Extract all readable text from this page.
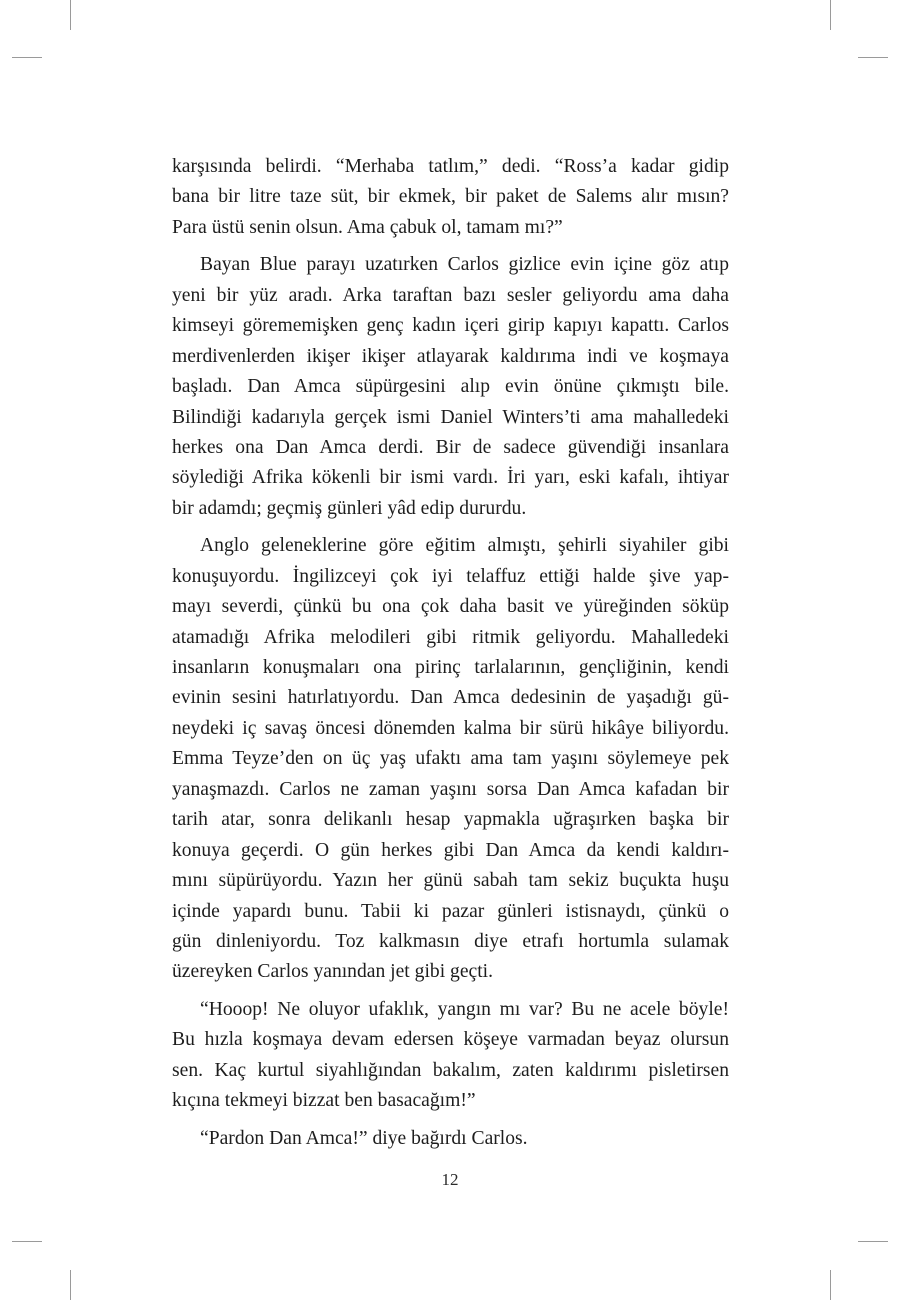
karşısında belirdi. “Merhaba tatlım,” dedi. “Ross’a kadar gidip
bana bir litre taze süt, bir ekmek, bir paket de Salems alır mısın?
Para üstü senin olsun. Ama çabuk ol, tamam mı?”
Bayan Blue parayı uzatırken Carlos gizlice evin içine göz atıp
yeni bir yüz aradı. Arka taraftan bazı sesler geliyordu ama daha
kimseyi görememişken genç kadın içeri girip kapıyı kapattı. Carlos
merdivenlerden ikişer ikişer atlayarak kaldırıma indi ve koşmaya
başladı. Dan Amca süpürgesini alıp evin önüne çıkmıştı bile.
Bilindiği kadarıyla gerçek ismi Daniel Winters’ti ama mahalledeki
herkes ona Dan Amca derdi. Bir de sadece güvendiği insanlara
söylediği Afrika kökenli bir ismi vardı. İri yarı, eski kafalı, ihtiyar
bir adamdı; geçmiş günleri yâd edip dururdu.
Anglo geleneklerine göre eğitim almıştı, şehirli siyahiler gibi
konuşuyordu. İngilizceyi çok iyi telaffuz ettiği halde şive yap-
mayı severdi, çünkü bu ona çok daha basit ve yüreğinden söküp
atamadığı Afrika melodileri gibi ritmik geliyordu. Mahalledeki
insanların konuşmaları ona pirinç tarlalarının, gençliğinin, kendi
evinin sesini hatırlatıyordu. Dan Amca dedesinin de yaşadığı gü-
neydeki iç savaş öncesi dönemden kalma bir sürü hikâye biliyordu.
Emma Teyze’den on üç yaş ufaktı ama tam yaşını söylemeye pek
yanaşmazdı. Carlos ne zaman yaşını sorsa Dan Amca kafadan bir
tarih atar, sonra delikanlı hesap yapmakla uğraşırken başka bir
konuya geçerdi. O gün herkes gibi Dan Amca da kendi kaldırı-
mını süpürüyordu. Yazın her günü sabah tam sekiz buçukta huşu
içinde yapardı bunu. Tabii ki pazar günleri istisnaydı, çünkü o
gün dinleniyordu. Toz kalkmasın diye etrafı hortumla sulamak
üzereyken Carlos yanından jet gibi geçti.
“Hooop! Ne oluyor ufaklık, yangın mı var? Bu ne acele böyle!
Bu hızla koşmaya devam edersen köşeye varmadan beyaz olursun
sen. Kaç kurtul siyahlığından bakalım, zaten kaldırımı pisletirsen
kıçına tekmeyi bizzat ben basacağım!”
“Pardon Dan Amca!” diye bağırdı Carlos.
12
